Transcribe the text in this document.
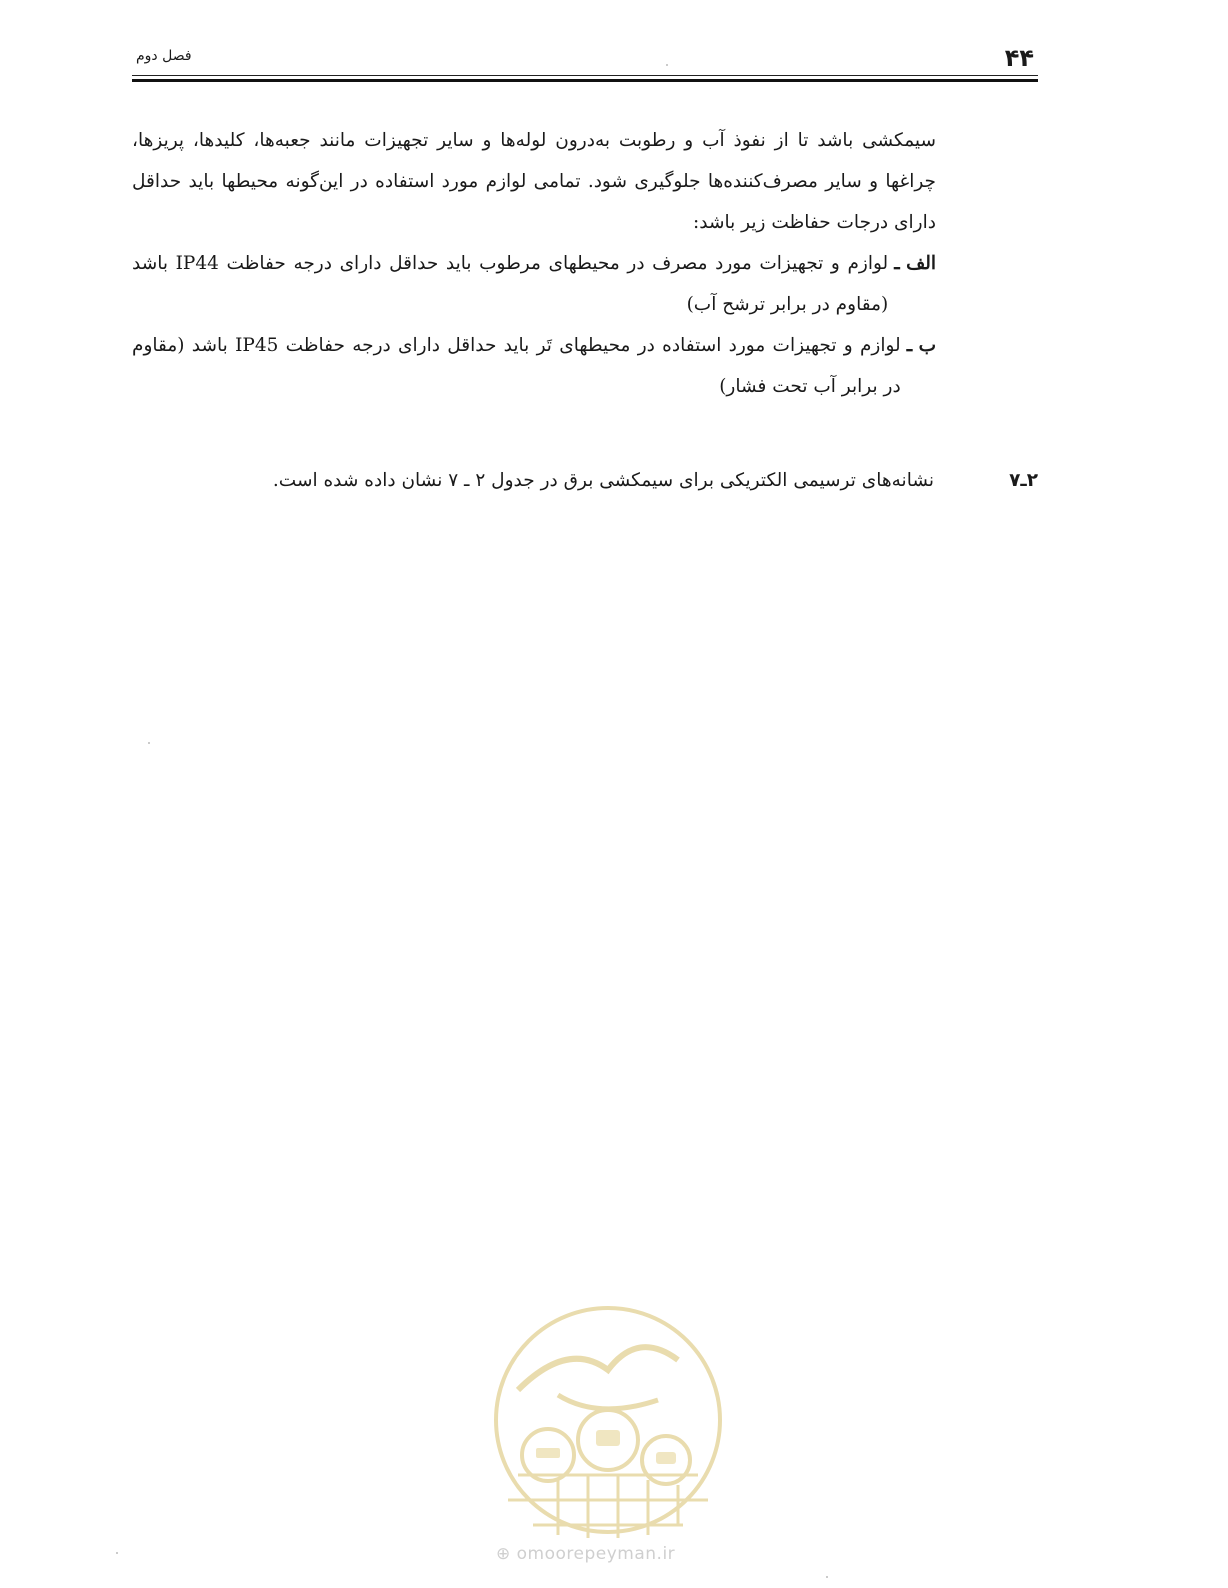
۴۴
فصل دوم

سیمکشی باشد تا از نفوذ آب و رطوبت به‌درون لوله‌ها و سایر تجهیزات مانند جعبه‌ها، کلیدها، پریزها، چراغها و سایر مصرف‌کننده‌ها جلوگیری شود. تمامی لوازم مورد استفاده در این‌گونه محیطها باید حداقل دارای درجات حفاظت زیر باشد:

الف ـ
لوازم و تجهیزات مورد مصرف در محیطهای مرطوب باید حداقل دارای درجه حفاظت IP44 باشد (مقاوم در برابر ترشح آب)
ب ـ
لوازم و تجهیزات مورد استفاده در محیطهای تَر باید حداقل دارای درجه حفاظت IP45 باشد (مقاوم در برابر آب تحت فشار)
۲ـ۷
نشانه‌های ترسیمی الکتریکی برای سیمکشی برق در جدول ۲ ـ ۷ نشان داده شده است.
⊕ omoorepeyman.ir
